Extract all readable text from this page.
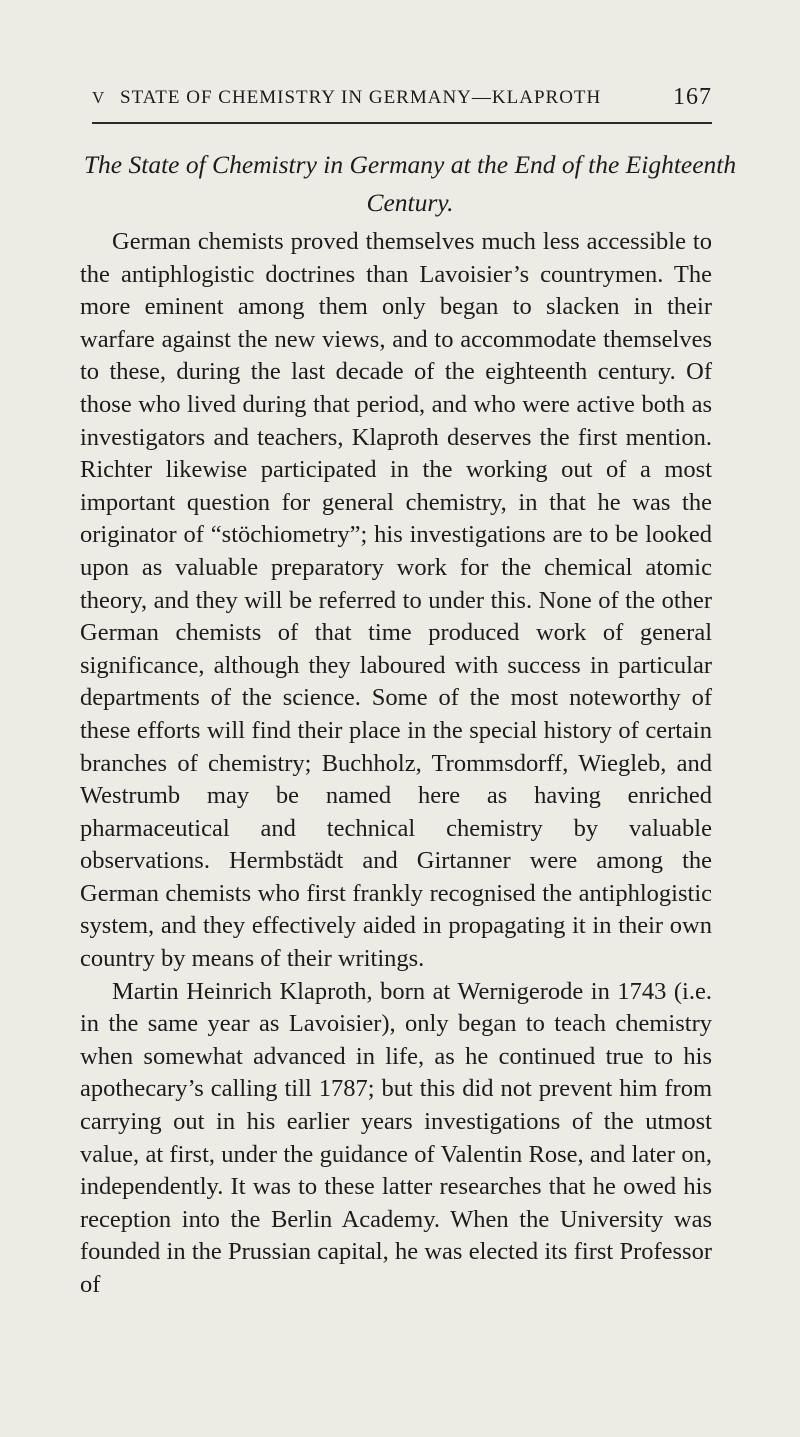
V STATE OF CHEMISTRY IN GERMANY—KLAPROTH	167
The State of Chemistry in Germany at the End of the Eighteenth Century.

German chemists proved themselves much less accessible to the antiphlogistic doctrines than Lavoisier’s countrymen. The more eminent among them only began to slacken in their warfare against the new views, and to accommodate themselves to these, during the last decade of the eighteenth century. Of those who lived during that period, and who were active both as investigators and teachers, Klaproth deserves the first mention. Richter likewise participated in the working out of a most important question for general chemistry, in that he was the originator of “stöchiometry”; his investigations are to be looked upon as valuable preparatory work for the chemical atomic theory, and they will be referred to under this. None of the other German chemists of that time produced work of general significance, although they laboured with success in particular departments of the science. Some of the most noteworthy of these efforts will find their place in the special history of certain branches of chemistry; Buchholz, Trommsdorff, Wiegleb, and Westrumb may be named here as having enriched pharmaceutical and technical chemistry by valuable observations. Hermbstädt and Girtanner were among the German chemists who first frankly recognised the antiphlogistic system, and they effectively aided in propagating it in their own country by means of their writings.

Martin Heinrich Klaproth, born at Wernigerode in 1743 (i.e. in the same year as Lavoisier), only began to teach chemistry when somewhat advanced in life, as he continued true to his apothecary’s calling till 1787; but this did not prevent him from carrying out in his earlier years investigations of the utmost value, at first, under the guidance of Valentin Rose, and later on, independently. It was to these latter researches that he owed his reception into the Berlin Academy. When the University was founded in the Prussian capital, he was elected its first Professor of
